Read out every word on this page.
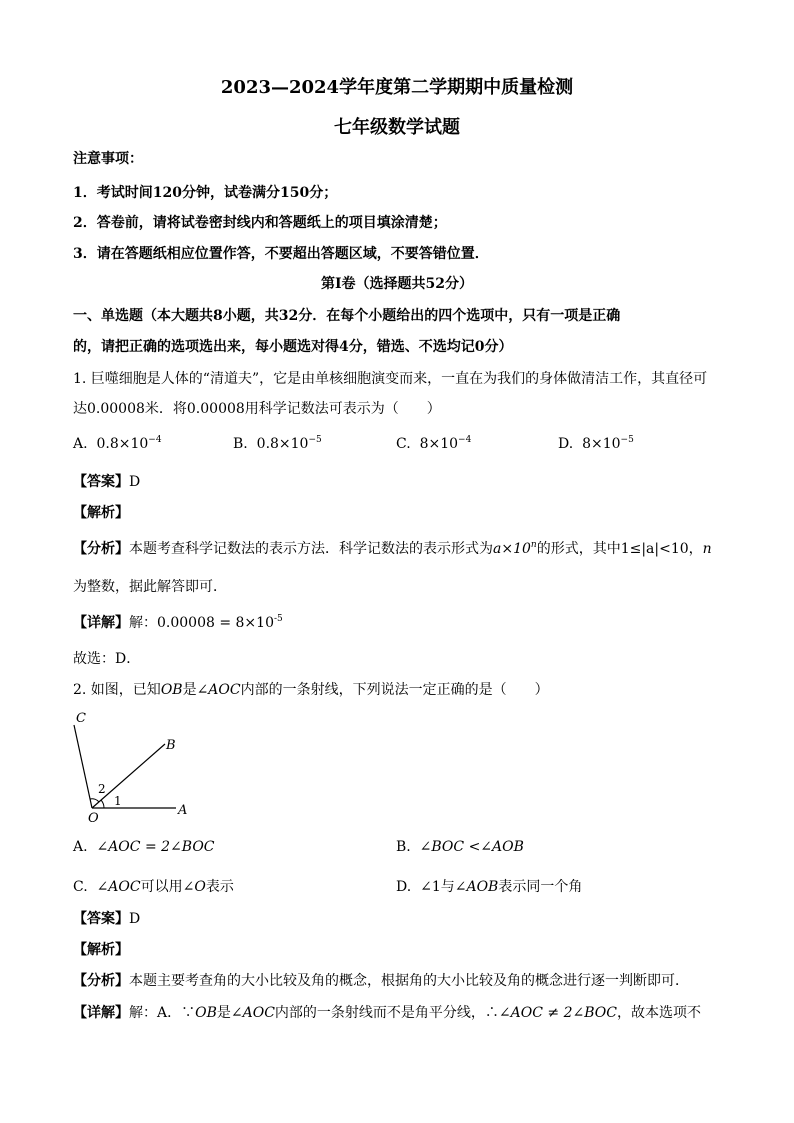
2023—2024学年度第二学期期中质量检测
七年级数学试题
注意事项：
1．考试时间120分钟，试卷满分150分；
2．答卷前，请将试卷密封线内和答题纸上的项目填涂清楚；
3．请在答题纸相应位置作答，不要超出答题区域，不要答错位置．
第Ⅰ卷（选择题共52分）
一、单选题（本大题共8小题，共32分．在每个小题给出的四个选项中，只有一项是正确
的，请把正确的选项选出来，每小题选对得4分，错选、不选均记0分）
1. 巨噬细胞是人体的“清道夫”，它是由单核细胞演变而来，一直在为我们的身体做清洁工作，其直径可
达0.00008米．将0.00008用科学记数法可表示为（　　）
A. $0.8\times 10^{-4}$	B. $0.8\times 10^{-5}$	C. $8\times 10^{-4}$	D. $8\times 10^{-5}$
【答案】D
【解析】
【分析】本题考查科学记数法的表示方法．科学记数法的表示形式为$a\times 10^n$的形式，其中1≤|a|<10，n
为整数，据此解答即可．
【详解】解：$0.00008 = 8\times 10^{-5}$
故选：D．
2. 如图，已知OB是∠AOC内部的一条射线，下列说法一定正确的是（　　）
C
B
A
O
1
2
A. ∠AOC = 2∠BOC	B. ∠BOC <∠AOB
C. ∠AOC可以用∠O表示	D. ∠1与∠AOB表示同一个角
【答案】D
【解析】
【分析】本题主要考查角的大小比较及角的概念，根据角的大小比较及角的概念进行逐一判断即可．
【详解】解：A．∵OB是∠AOC内部的一条射线而不是角平分线，∴∠AOC ≠ 2∠BOC，故本选项不
